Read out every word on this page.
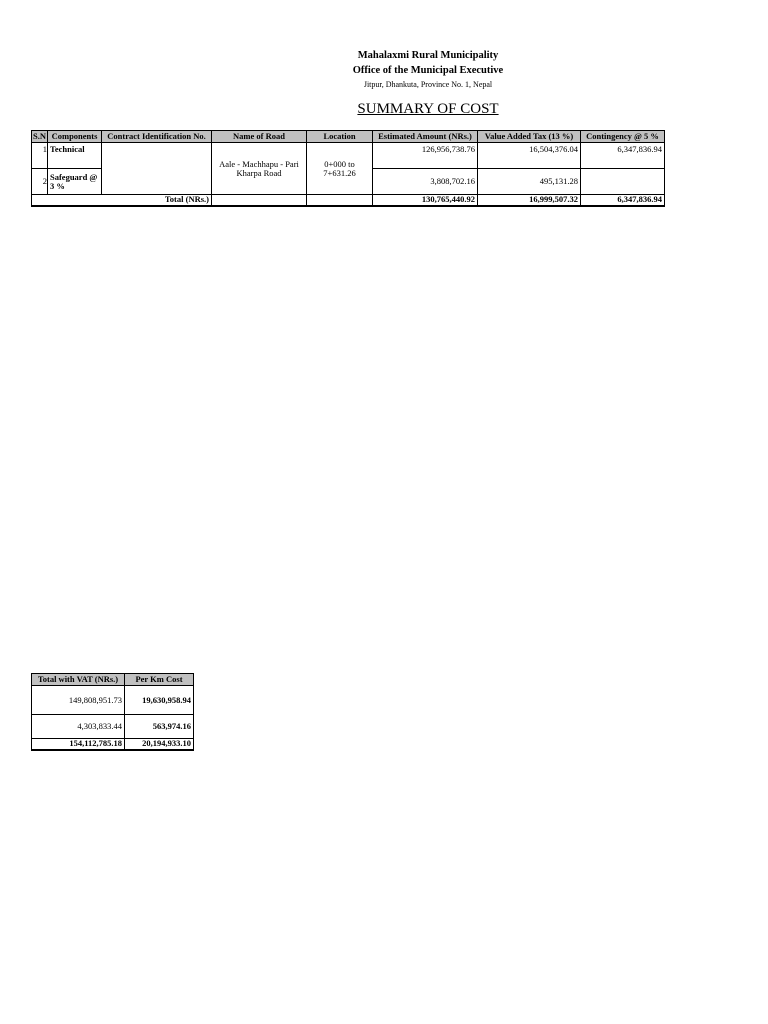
Mahalaxmi Rural Municipality
Office of the Municipal Executive
Jitpur, Dhankuta, Province No. 1, Nepal
SUMMARY OF COST
S.N	Components	Contract Identification No.	Name of Road	Location	Estimated Amount (NRs.)	Value Added Tax (13 %)	Contingency @ 5 %
1	Technical		Aale - Machhapu - Pari Kharpa Road	0+000 to 7+631.26	126,956,738.76	16,504,376.04	6,347,836.94
2	Safeguard @ 3 %				3,808,702.16	495,131.28	
Total (NRs.)					130,765,440.92	16,999,507.32	6,347,836.94
Total with VAT (NRs.)	Per Km Cost
149,808,951.73	19,630,958.94
4,303,833.44	563,974.16
154,112,785.18	20,194,933.10
